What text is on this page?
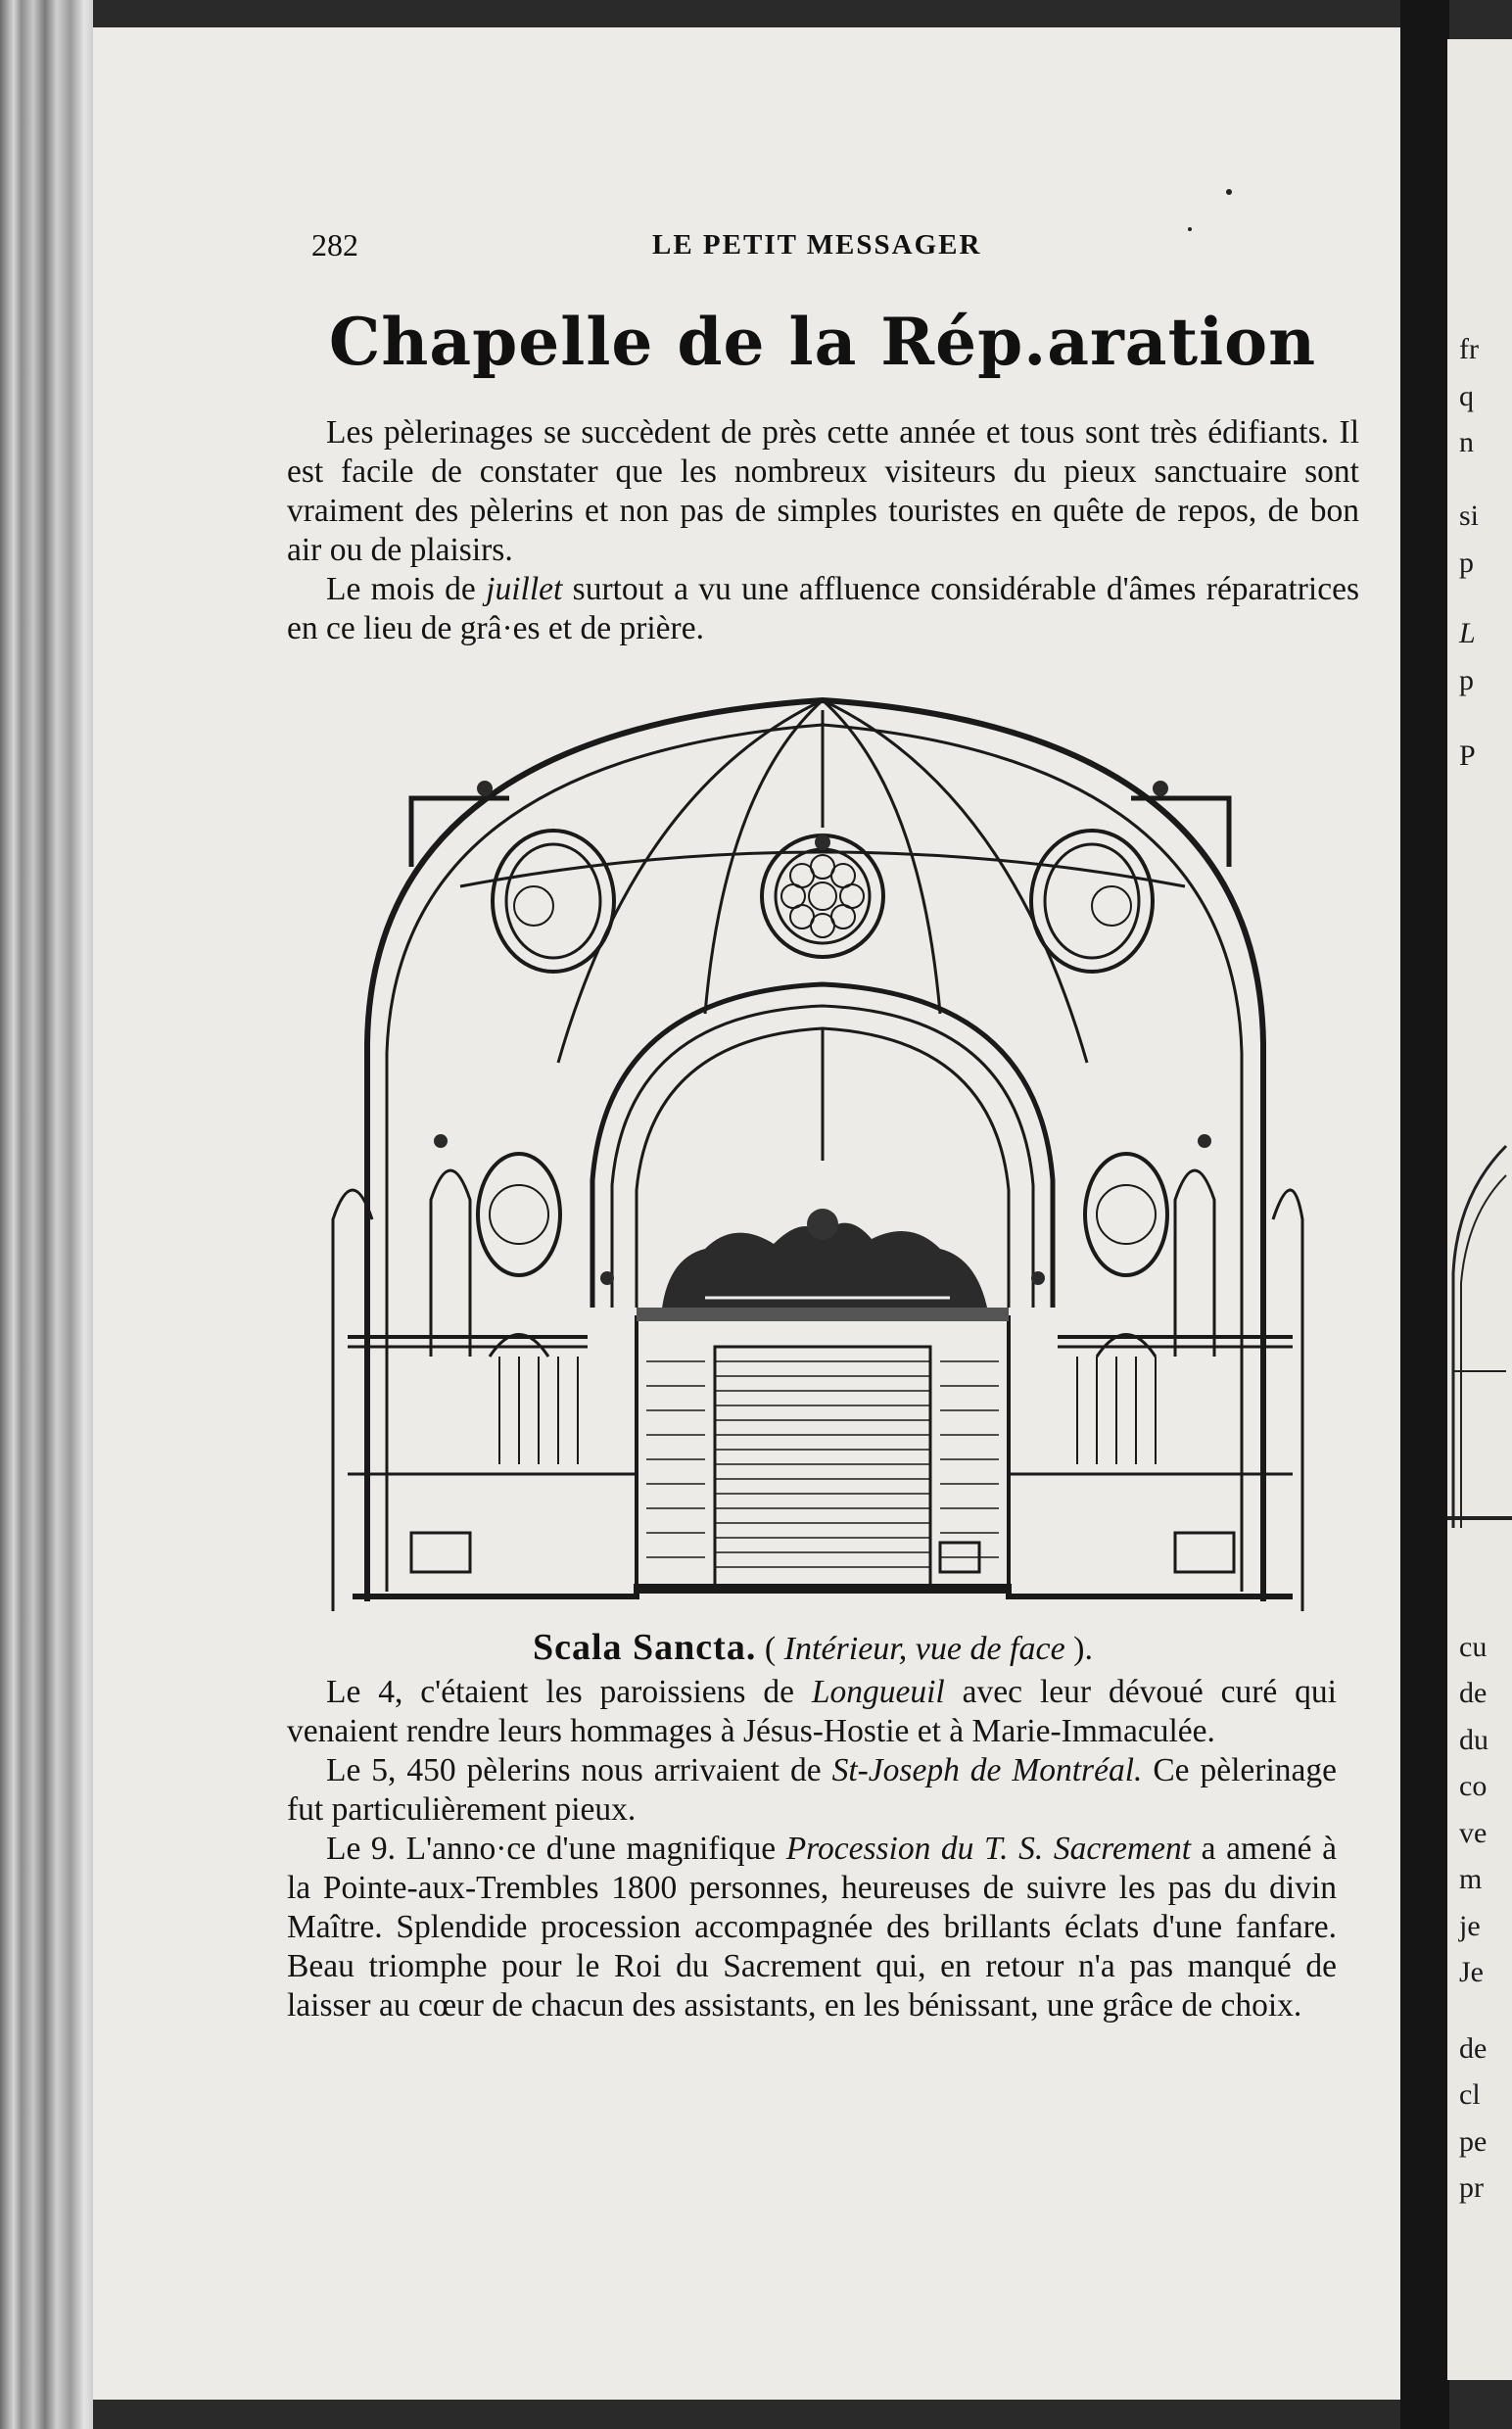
fr
q
n
si
p
L
p
P
cu
de
du
co
ve
m
je
Je
de
cl
pe
pr
282	LE PETIT MESSAGER
Chapelle de la Rép.aration

Les pèlerinages se succèdent de près cette année et tous sont très édifiants. Il est facile de constater que les nombreux visiteurs du pieux sanctuaire sont vraiment des pèlerins et non pas de simples touristes en quête de repos, de bon air ou de plaisirs.

Le mois de juillet surtout a vu une affluence considérable d'âmes réparatrices en ce lieu de grâ·es et de prière.

Scala Sancta. ( Intérieur, vue de face ).

Le 4, c'étaient les paroissiens de Longueuil avec leur dévoué curé qui venaient rendre leurs hommages à Jésus-Hostie et à Marie-Immaculée.

Le 5, 450 pèlerins nous arrivaient de St-Joseph de Montréal. Ce pèlerinage fut particulièrement pieux.

Le 9. L'anno·ce d'une magnifique Procession du T. S. Sacrement a amené à la Pointe-aux-Trembles 1800 personnes, heureuses de suivre les pas du divin Maître. Splendide procession accompagnée des brillants éclats d'une fanfare. Beau triomphe pour le Roi du Sacrement qui, en retour n'a pas manqué de laisser au cœur de chacun des assistants, en les bénissant, une grâce de choix.
